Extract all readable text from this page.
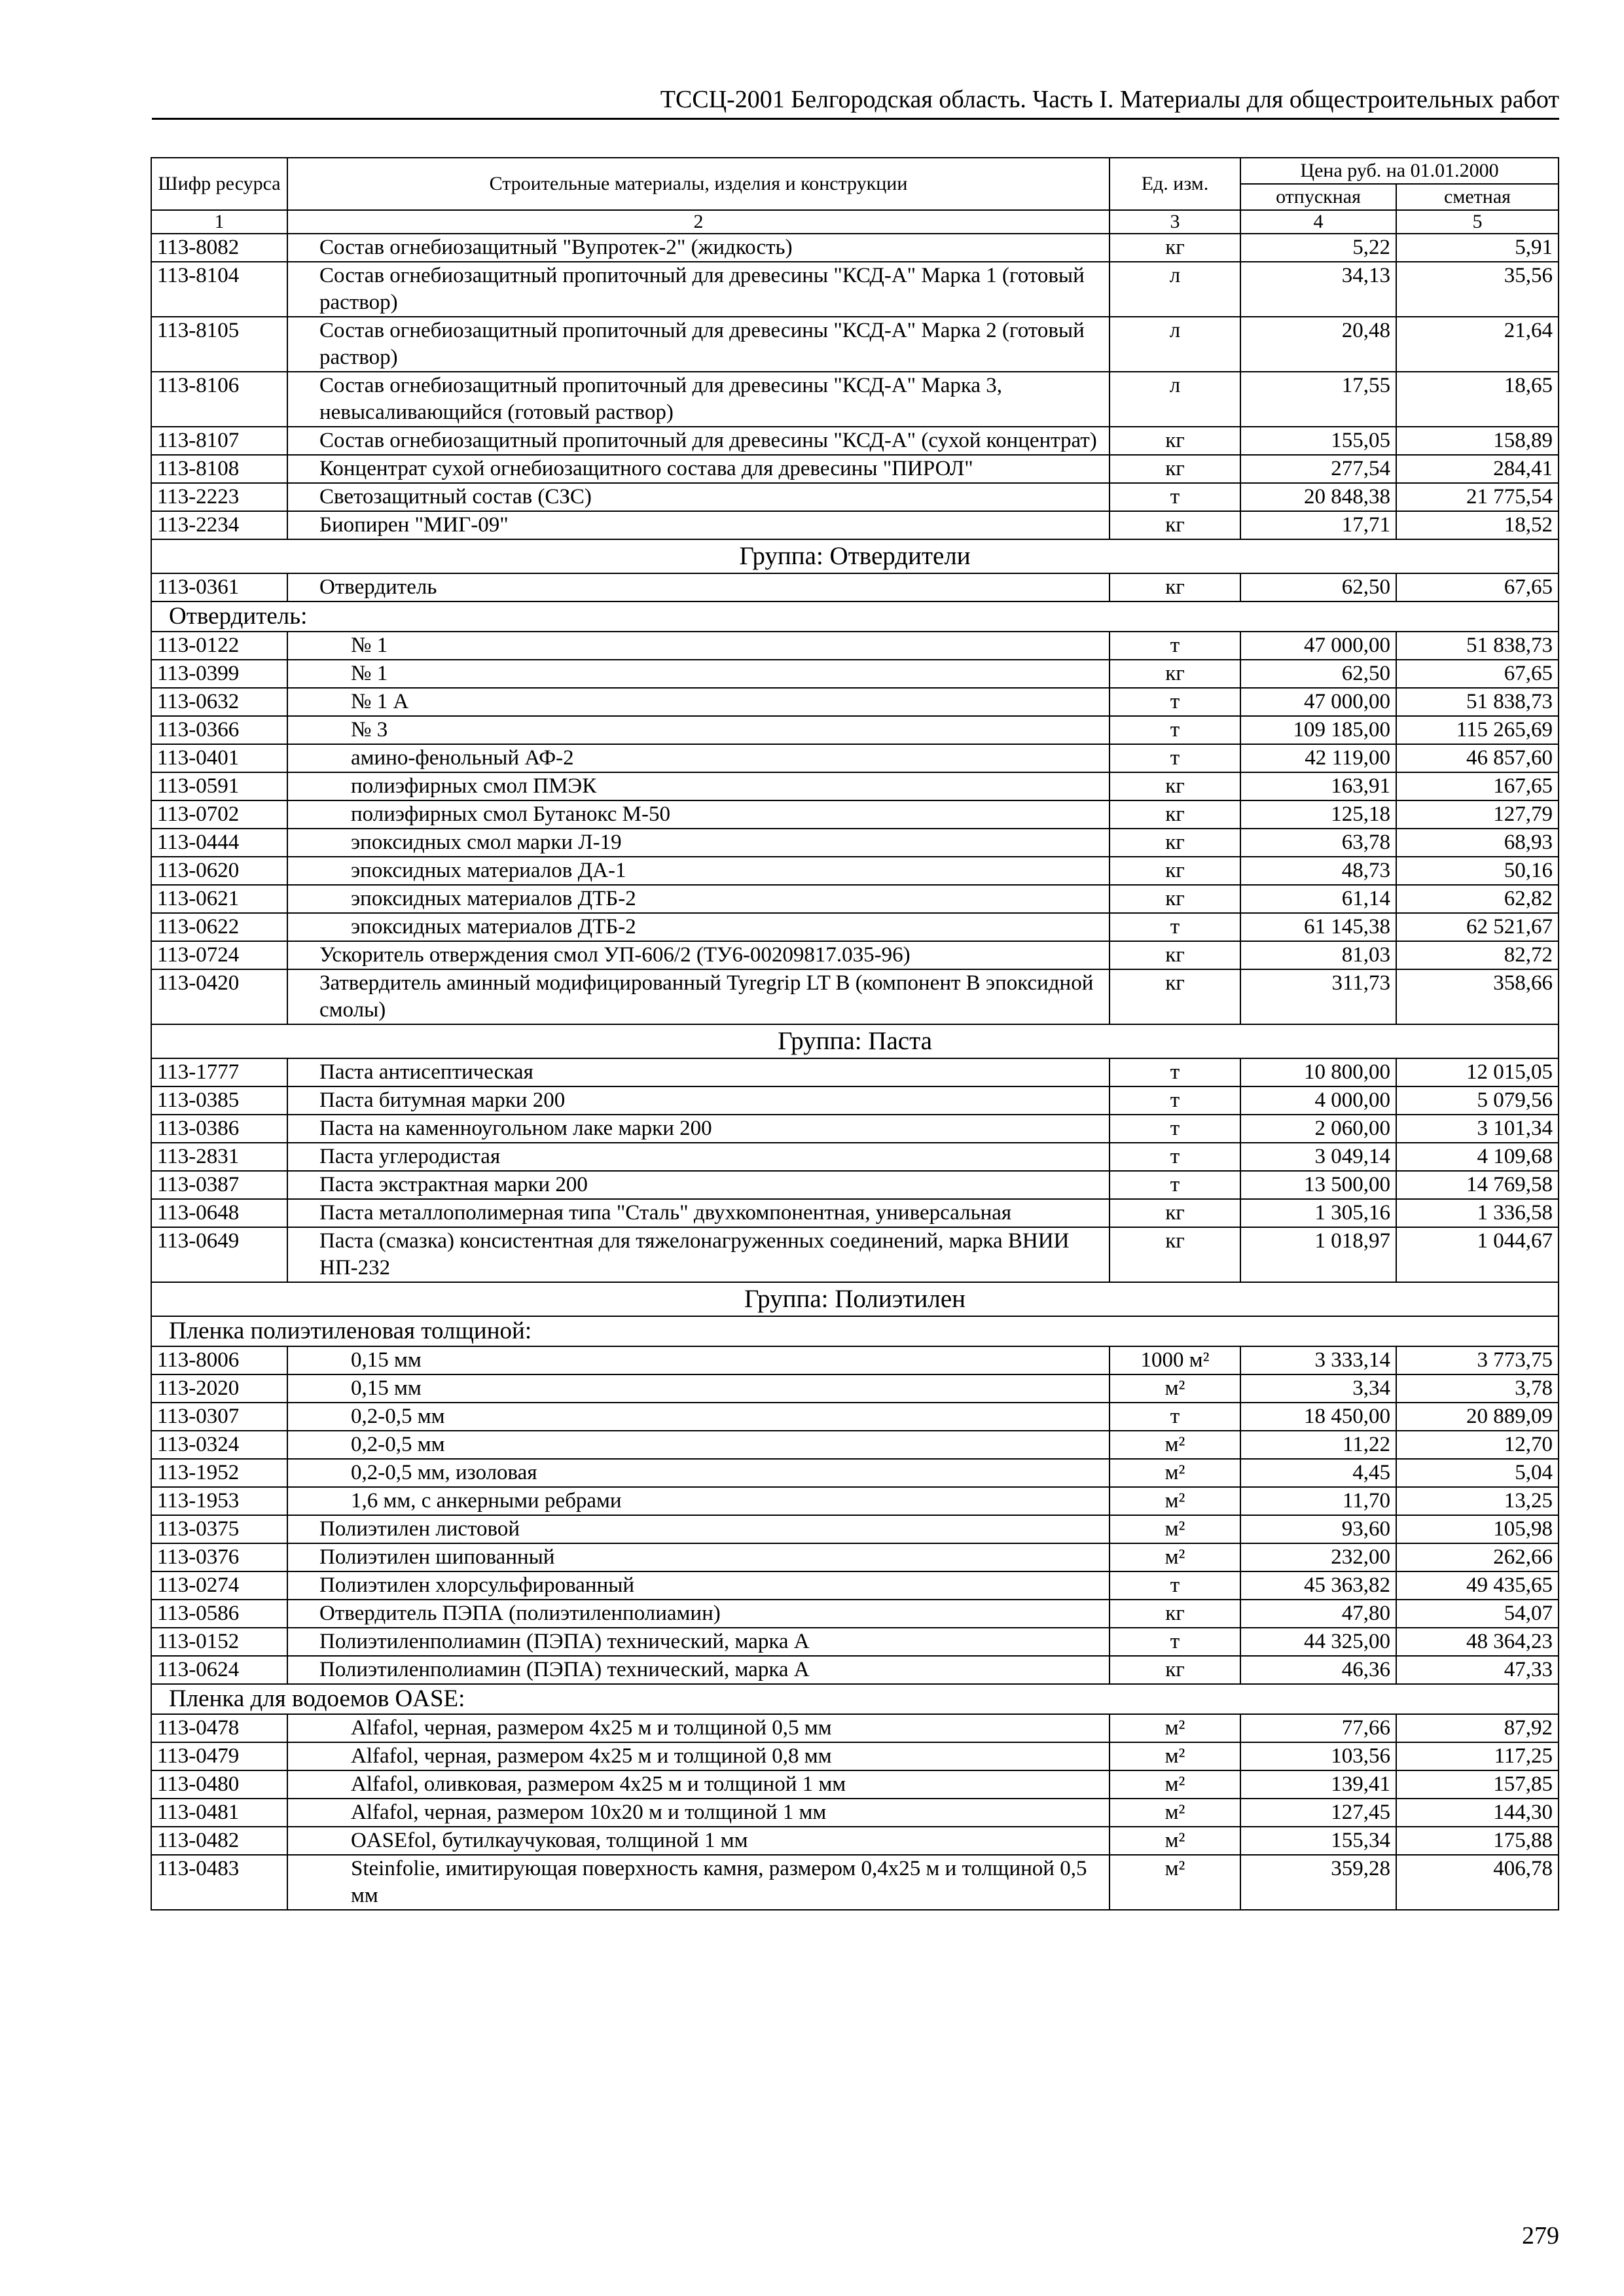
ТССЦ-2001 Белгородская область. Часть I. Материалы для общестроительных работ
Шифр ресурса	Строительные материалы, изделия и конструкции	Ед. изм.	Цена руб. на 01.01.2000	
			отпускная	сметная
1	2	3	4	5
113-8082	Состав огнебиозащитный "Вупротек-2" (жидкость)	кг	5,22	5,91
113-8104	Состав огнебиозащитный пропиточный для древесины "КСД-А" Марка 1 (готовый раствор)	л	34,13	35,56
113-8105	Состав огнебиозащитный пропиточный для древесины "КСД-А" Марка 2 (готовый раствор)	л	20,48	21,64
113-8106	Состав огнебиозащитный пропиточный для древесины "КСД-А" Марка 3, невысаливающийся (готовый раствор)	л	17,55	18,65
113-8107	Состав огнебиозащитный пропиточный для древесины "КСД-А" (сухой концентрат)	кг	155,05	158,89
113-8108	Концентрат сухой огнебиозащитного состава для древесины "ПИРОЛ"	кг	277,54	284,41
113-2223	Светозащитный состав (СЗС)	т	20 848,38	21 775,54
113-2234	Биопирен "МИГ-09"	кг	17,71	18,52
Группа: Отвердители				
113-0361	Отвердитель	кг	62,50	67,65
Отвердитель:				
113-0122	№ 1	т	47 000,00	51 838,73
113-0399	№ 1	кг	62,50	67,65
113-0632	№ 1 А	т	47 000,00	51 838,73
113-0366	№ 3	т	109 185,00	115 265,69
113-0401	амино-фенольный АФ-2	т	42 119,00	46 857,60
113-0591	полиэфирных смол ПМЭК	кг	163,91	167,65
113-0702	полиэфирных смол Бутанокс М-50	кг	125,18	127,79
113-0444	эпоксидных смол марки Л-19	кг	63,78	68,93
113-0620	эпоксидных материалов ДА-1	кг	48,73	50,16
113-0621	эпоксидных материалов ДТБ-2	кг	61,14	62,82
113-0622	эпоксидных материалов ДТБ-2	т	61 145,38	62 521,67
113-0724	Ускоритель отверждения смол УП-606/2 (ТУ6-00209817.035-96)	кг	81,03	82,72
113-0420	Затвердитель аминный модифицированный Tyregrip LT B (компонент B эпоксидной смолы)	кг	311,73	358,66
Группа: Паста				
113-1777	Паста антисептическая	т	10 800,00	12 015,05
113-0385	Паста битумная марки 200	т	4 000,00	5 079,56
113-0386	Паста на каменноугольном лаке марки 200	т	2 060,00	3 101,34
113-2831	Паста углеродистая	т	3 049,14	4 109,68
113-0387	Паста экстрактная марки 200	т	13 500,00	14 769,58
113-0648	Паста металлополимерная типа "Сталь" двухкомпонентная, универсальная	кг	1 305,16	1 336,58
113-0649	Паста (смазка) консистентная для тяжелонагруженных соединений, марка ВНИИ НП-232	кг	1 018,97	1 044,67
Группа: Полиэтилен				
Пленка полиэтиленовая толщиной:				
113-8006	0,15 мм	1000 м²	3 333,14	3 773,75
113-2020	0,15 мм	м²	3,34	3,78
113-0307	0,2-0,5 мм	т	18 450,00	20 889,09
113-0324	0,2-0,5 мм	м²	11,22	12,70
113-1952	0,2-0,5 мм, изоловая	м²	4,45	5,04
113-1953	1,6 мм, с анкерными ребрами	м²	11,70	13,25
113-0375	Полиэтилен листовой	м²	93,60	105,98
113-0376	Полиэтилен шипованный	м²	232,00	262,66
113-0274	Полиэтилен хлорсульфированный	т	45 363,82	49 435,65
113-0586	Отвердитель ПЭПА (полиэтиленполиамин)	кг	47,80	54,07
113-0152	Полиэтиленполиамин (ПЭПА) технический, марка А	т	44 325,00	48 364,23
113-0624	Полиэтиленполиамин (ПЭПА) технический, марка А	кг	46,36	47,33
Пленка для водоемов OASE:				
113-0478	Alfafol, черная, размером 4х25 м и толщиной 0,5 мм	м²	77,66	87,92
113-0479	Alfafol, черная, размером 4х25 м и толщиной 0,8 мм	м²	103,56	117,25
113-0480	Alfafol, оливковая, размером 4х25 м и толщиной 1 мм	м²	139,41	157,85
113-0481	Alfafol, черная, размером 10х20 м и толщиной 1 мм	м²	127,45	144,30
113-0482	OASEfol, бутилкаучуковая, толщиной 1 мм	м²	155,34	175,88
113-0483	Steinfolie, имитирующая поверхность камня, размером 0,4х25 м и толщиной 0,5 мм	м²	359,28	406,78
279
